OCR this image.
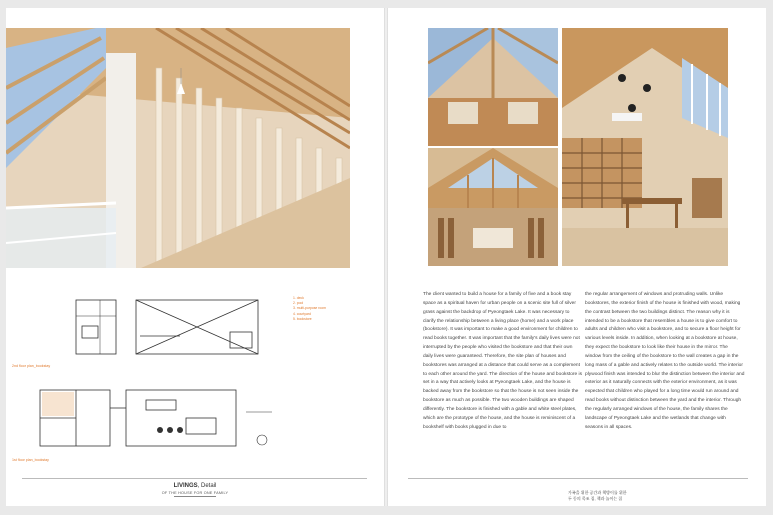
2nd floor plan_bookstay
1st floor plan_bookstay
1. deck
2. pool
3. multi-purpose room
4. courtyard
5. bookstore
LIVINGS, Detail
OF THE HOUSE FOR ONE FAMILY

The client wanted to build a house for a family of five and a book stay space as a spiritual haven for urban people on a scenic site full of silver grass against the backdrop of Pyeongtaek Lake. It was necessary to clarify the relationship between a living place (home) and a work place (bookstore). It was important to make a good environment for children to read books together. It was important that the family's daily lives were not interrupted by the people who visited the bookstore and that their own daily lives were guaranteed. Therefore, the site plan of houses and bookstores was arranged at a distance that could serve as a complement to each other around the yard. The direction of the house and bookstore is set in a way that actively looks at Pyeongtaek Lake, and the house is backed away from the bookstore so that the house is not seen inside the bookstore as much as possible. The two wooden buildings are shaped differently. The bookstore is finished with a gable and white steel plates, which are the prototype of the house, and the house is reminiscent of a bookshelf with books plugged in due to

the regular arrangement of windows and protruding walls. Unlike bookstores, the exterior finish of the house is finished with wood, making the contrast between the two buildings distinct. The reason why it is intended to be a bookstore that resembles a house is to give comfort to adults and children who visit a bookstore, and to secure a floor height for various levels inside. In addition, when looking at a bookstore at house, they expect the bookstore to look like their house in the mirror. The window from the ceiling of the bookstore to the wall creates a gap in the long mass of a gable and actively relates to the outside world. The interior plywood finish was intended to blur the distinction between the interior and exterior as it naturally connects with the exterior environment, as it was expected that children who played for a long time would run around and read books without distinction between the yard and the interior. Through the regularly arranged windows of the house, the family shares the landscape of Pyeongtaek Lake and the wetlands that change with seasons in all spaces.

가족을 위한 공간과 책방이를 위한
두 동의 목조 집, 책과 놀이는 집
